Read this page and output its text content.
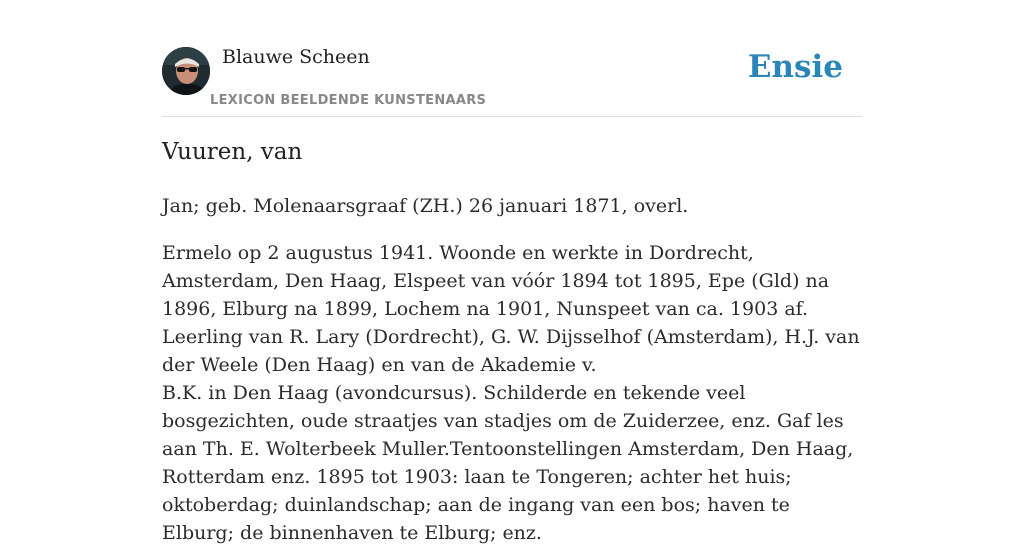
Blauwe Scheen
LEXICON BEELDENDE KUNSTENAARS
Ensie
Vuuren, van

Jan; geb. Molenaarsgraaf (ZH.) 26 januari 1871, overl.

Ermelo op 2 augustus 1941. Woonde en werkte in Dordrecht, Amsterdam, Den Haag, Elspeet van vóór 1894 tot 1895, Epe (Gld) na 1896, Elburg na 1899, Lochem na 1901, Nunspeet van ca. 1903 af. Leerling van R. Lary (Dordrecht), G. W. Dijsselhof (Amsterdam), H.J. van der Weele (Den Haag) en van de Akademie v.

B.K. in Den Haag (avondcursus). Schilderde en tekende veel bosgezichten, oude straatjes van stadjes om de Zuiderzee, enz. Gaf les aan Th. E. Wolterbeek Muller.Tentoonstellingen Amsterdam, Den Haag, Rotterdam enz. 1895 tot 1903: laan te Tongeren; achter het huis; oktoberdag; duinlandschap; aan de ingang van een bos; haven te Elburg; de binnenhaven te Elburg; enz.
